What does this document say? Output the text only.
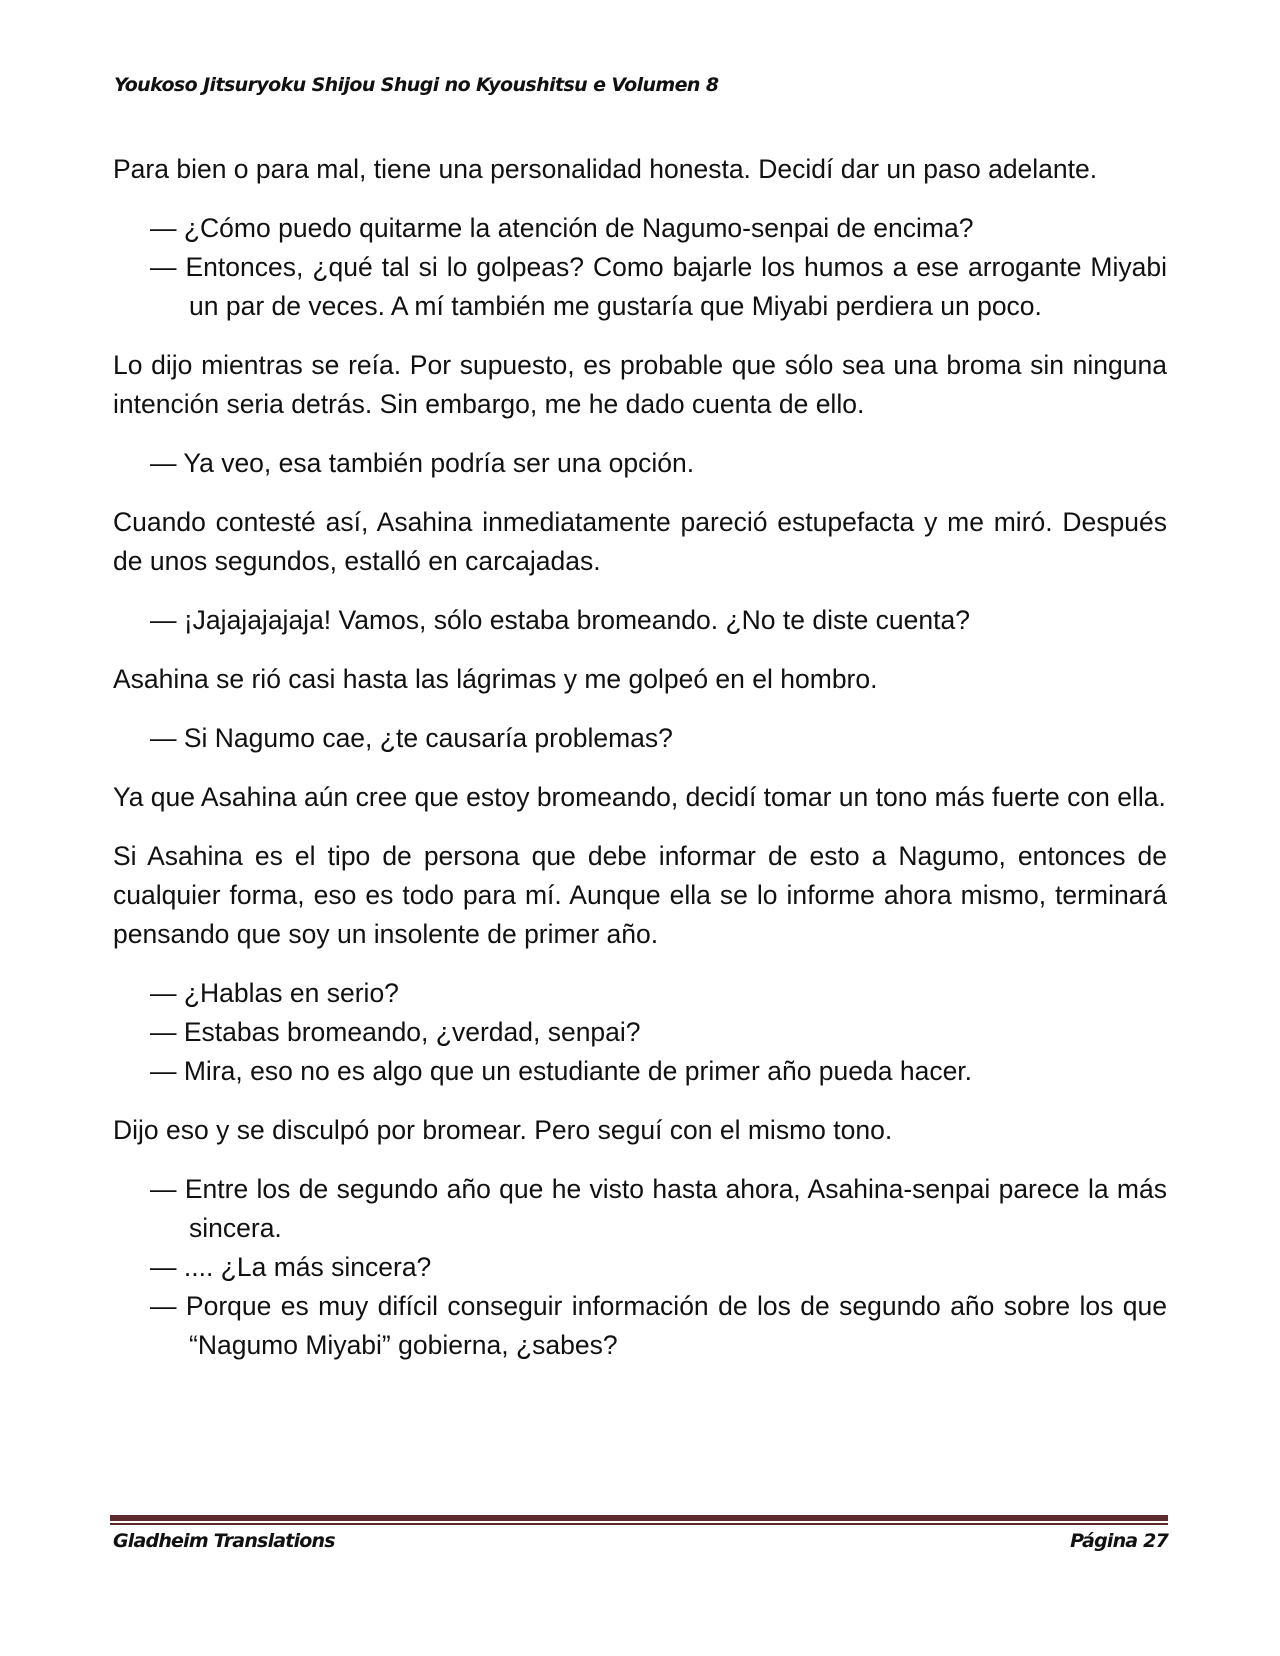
Youkoso Jitsuryoku Shijou Shugi no Kyoushitsu e Volumen 8

Para bien o para mal, tiene una personalidad honesta. Decidí dar un paso adelante.

— ¿Cómo puedo quitarme la atención de Nagumo-senpai de encima?

— Entonces, ¿qué tal si lo golpeas? Como bajarle los humos a ese arrogante Miyabi un par de veces. A mí también me gustaría que Miyabi perdiera un poco.

Lo dijo mientras se reía. Por supuesto, es probable que sólo sea una broma sin ninguna intención seria detrás. Sin embargo, me he dado cuenta de ello.

— Ya veo, esa también podría ser una opción.

Cuando contesté así, Asahina inmediatamente pareció estupefacta y me miró. Después de unos segundos, estalló en carcajadas.

— ¡Jajajajajaja! Vamos, sólo estaba bromeando. ¿No te diste cuenta?

Asahina se rió casi hasta las lágrimas y me golpeó en el hombro.

— Si Nagumo cae, ¿te causaría problemas?

Ya que Asahina aún cree que estoy bromeando, decidí tomar un tono más fuerte con ella.

Si Asahina es el tipo de persona que debe informar de esto a Nagumo, entonces de cualquier forma, eso es todo para mí. Aunque ella se lo informe ahora mismo, terminará pensando que soy un insolente de primer año.

— ¿Hablas en serio?

— Estabas bromeando, ¿verdad, senpai?

— Mira, eso no es algo que un estudiante de primer año pueda hacer.

Dijo eso y se disculpó por bromear. Pero seguí con el mismo tono.

— Entre los de segundo año que he visto hasta ahora, Asahina-senpai parece la más sincera.

— .... ¿La más sincera?

— Porque es muy difícil conseguir información de los de segundo año sobre los que “Nagumo Miyabi” gobierna, ¿sabes?

Gladheim Translations	Página 27
